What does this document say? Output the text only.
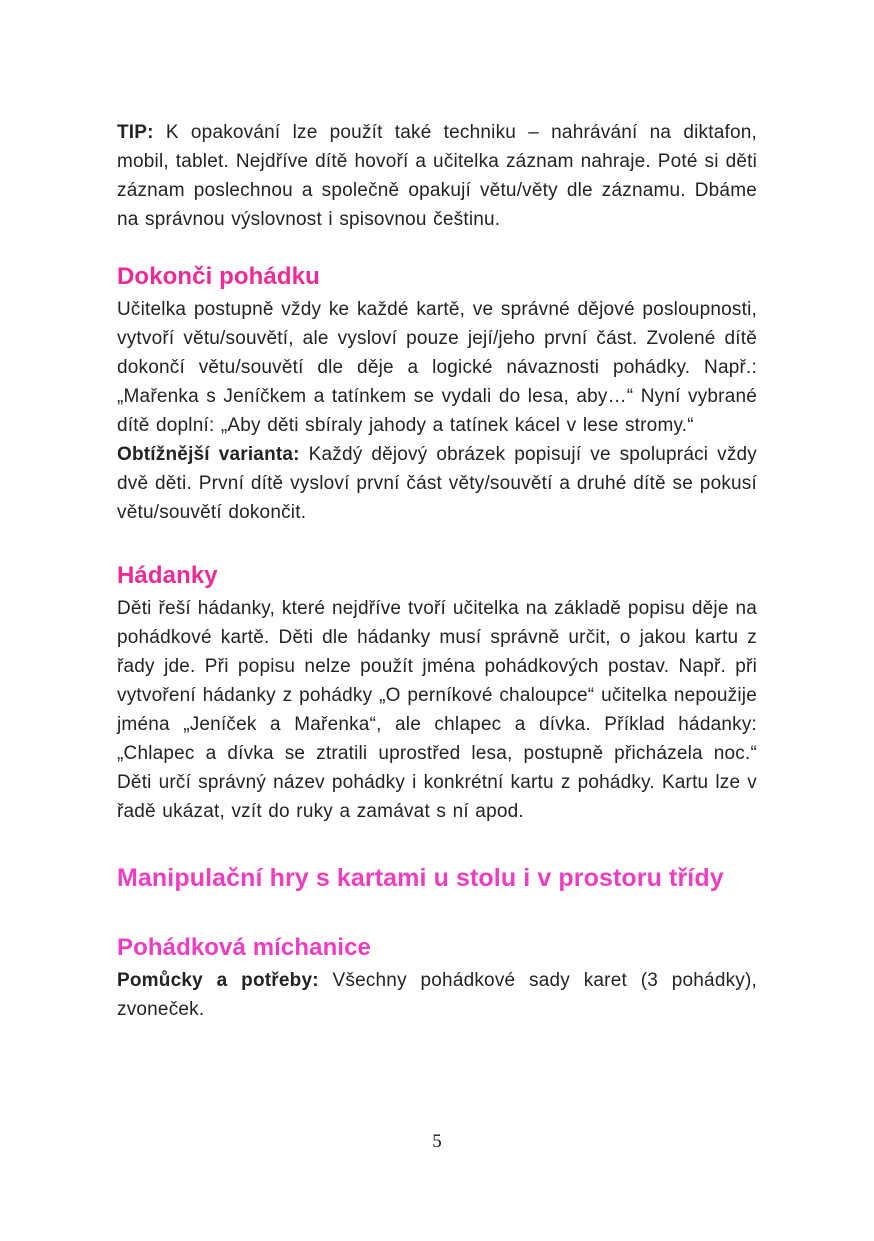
TIP: K opakování lze použít také techniku – nahrávání na diktafon, mobil, tablet. Nejdříve dítě hovoří a učitelka záznam nahraje. Poté si děti záznam poslechnou a společně opakují větu/věty dle záznamu. Dbáme na správnou výslovnost i spisovnou češtinu.

Dokonči pohádku

Učitelka postupně vždy ke každé kartě, ve správné dějové posloupnosti, vytvoří větu/souvětí, ale vysloví pouze její/jeho první část. Zvolené dítě dokončí větu/souvětí dle děje a logické návaznosti pohádky. Např.: „Mařenka s Jeníčkem a tatínkem se vydali do lesa, aby…“ Nyní vybrané dítě doplní: „Aby děti sbíraly jahody a tatínek kácel v lese stromy.“

Obtížnější varianta: Každý dějový obrázek popisují ve spolupráci vždy dvě děti. První dítě vysloví první část věty/souvětí a druhé dítě se pokusí větu/souvětí dokončit.

Hádanky

Děti řeší hádanky, které nejdříve tvoří učitelka na základě popisu děje na pohádkové kartě. Děti dle hádanky musí správně určit, o jakou kartu z řady jde. Při popisu nelze použít jména pohádkových postav. Např. při vytvoření hádanky z pohádky „O perníkové chaloupce“ učitelka nepoužije jména „Jeníček a Mařenka“, ale chlapec a dívka. Příklad hádanky: „Chlapec a dívka se ztratili uprostřed lesa, postupně přicházela noc.“ Děti určí správný název pohádky i konkrétní kartu z pohádky. Kartu lze v řadě ukázat, vzít do ruky a zamávat s ní apod.

Manipulační hry s kartami u stolu i v prostoru třídy
Pohádková míchanice

Pomůcky a potřeby: Všechny pohádkové sady karet (3 pohádky), zvoneček.

5
